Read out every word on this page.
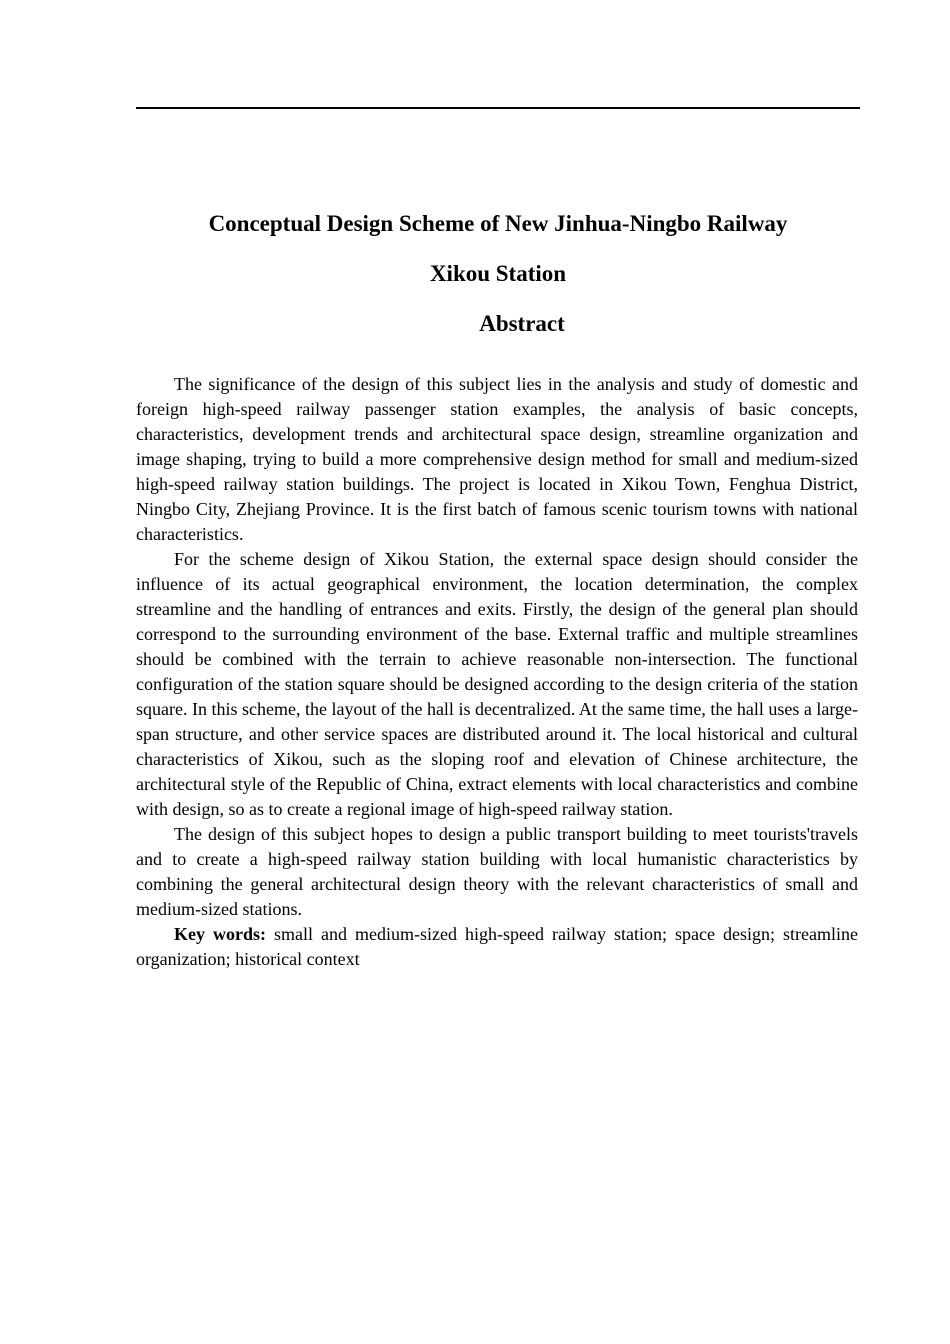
Conceptual Design Scheme of New Jinhua-Ningbo Railway
Xikou Station
Abstract

The significance of the design of this subject lies in the analysis and study of domestic and foreign high-speed railway passenger station examples, the analysis of basic concepts, characteristics, development trends and architectural space design, streamline organization and image shaping, trying to build a more comprehensive design method for small and medium-sized high-speed railway station buildings. The project is located in Xikou Town, Fenghua District, Ningbo City, Zhejiang Province. It is the first batch of famous scenic tourism towns with national characteristics.

For the scheme design of Xikou Station, the external space design should consider the influence of its actual geographical environment, the location determination, the complex streamline and the handling of entrances and exits. Firstly, the design of the general plan should correspond to the surrounding environment of the base. External traffic and multiple streamlines should be combined with the terrain to achieve reasonable non-intersection. The functional configuration of the station square should be designed according to the design criteria of the station square. In this scheme, the layout of the hall is decentralized. At the same time, the hall uses a large-span structure, and other service spaces are distributed around it. The local historical and cultural characteristics of Xikou, such as the sloping roof and elevation of Chinese architecture, the architectural style of the Republic of China, extract elements with local characteristics and combine with design, so as to create a regional image of high-speed railway station.

The design of this subject hopes to design a public transport building to meet tourists'travels and to create a high-speed railway station building with local humanistic characteristics by combining the general architectural design theory with the relevant characteristics of small and medium-sized stations.

Key words: small and medium-sized high-speed railway station; space design; streamline organization; historical context
